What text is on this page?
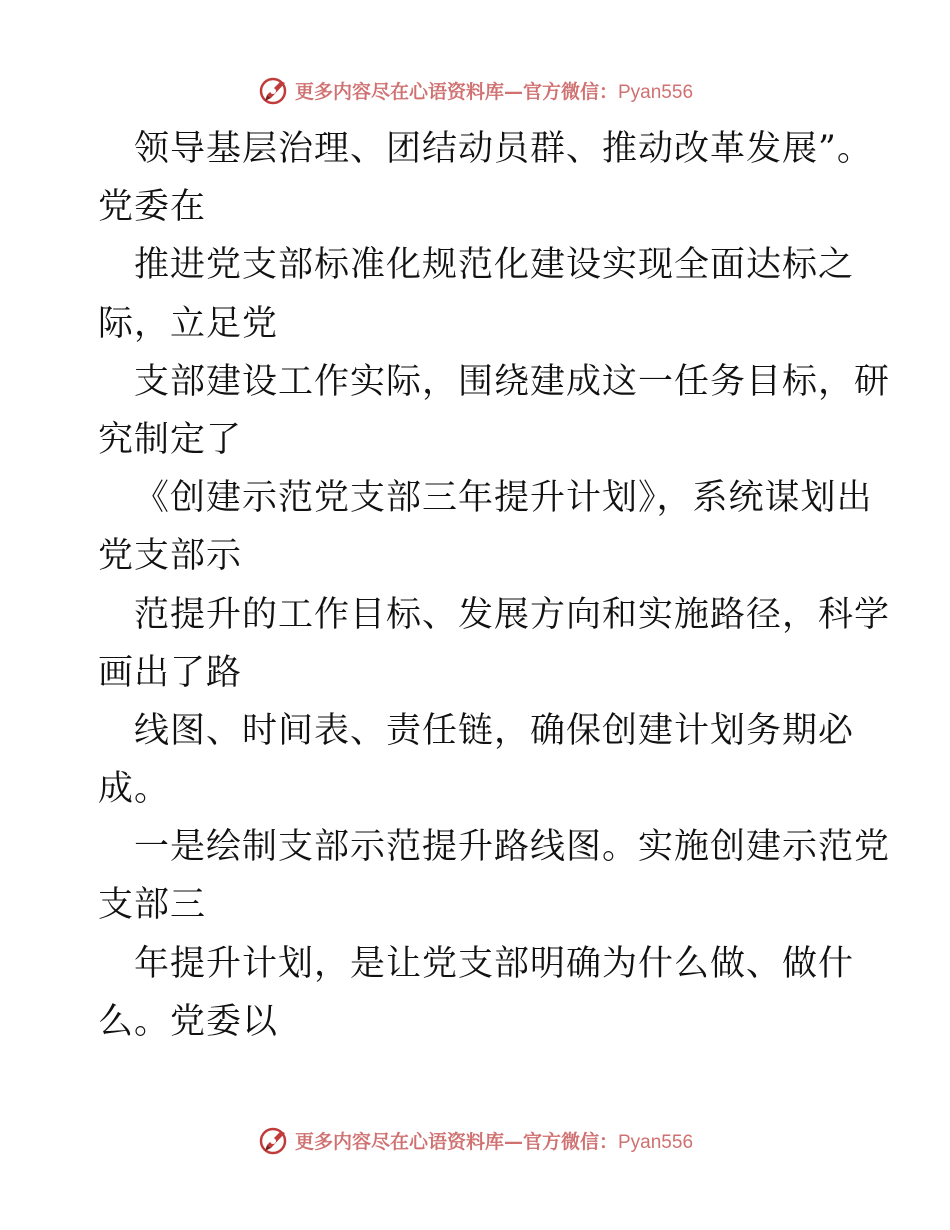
更多内容尽在心语资料库—官方微信：Pyan556
领导基层治理、团结动员群、推动改革发展”。
党委在
推进党支部标准化规范化建设实现全面达标之
际，立足党
支部建设工作实际，围绕建成这一任务目标，研
究制定了
《创建示范党支部三年提升计划》，系统谋划出
党支部示
范提升的工作目标、发展方向和实施路径，科学
画出了路
线图、时间表、责任链，确保创建计划务期必
成。
一是绘制支部示范提升路线图。实施创建示范党
支部三
年提升计划，是让党支部明确为什么做、做什
么。党委以
更多内容尽在心语资料库—官方微信：Pyan556
